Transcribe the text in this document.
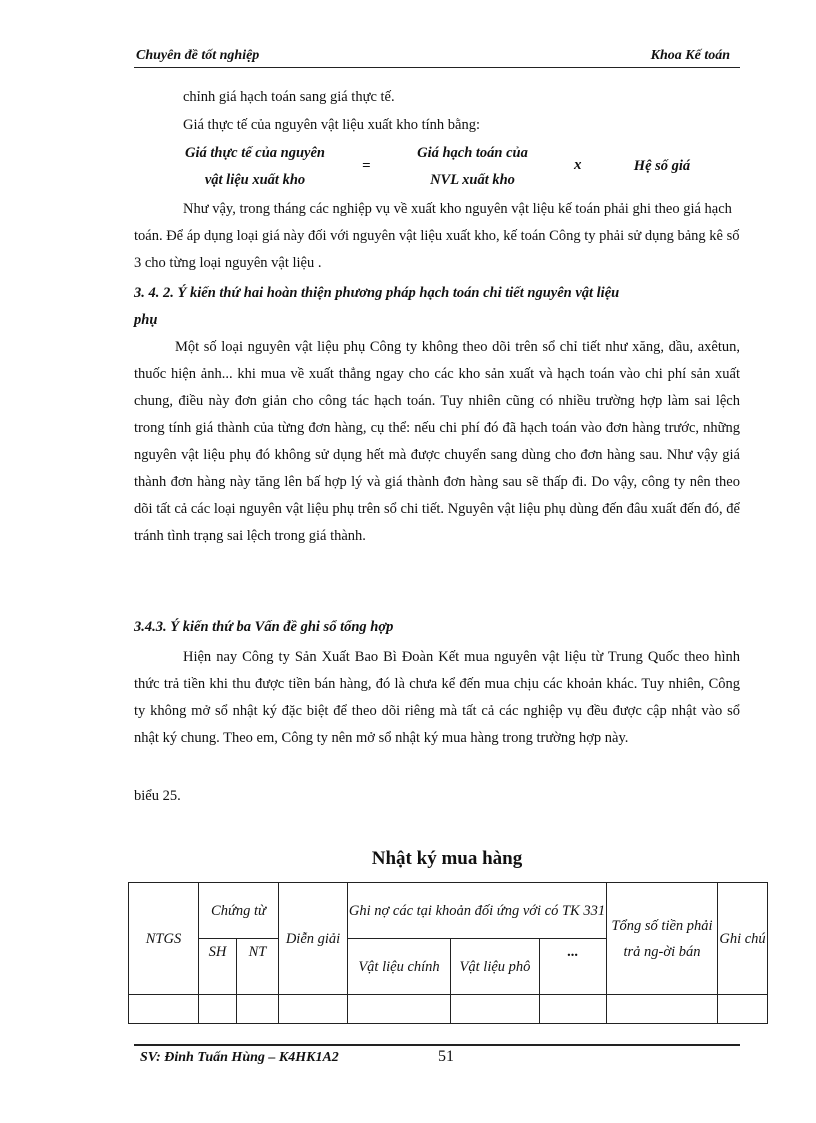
Chuyên đề tốt nghiệp	Khoa Kế toán

chỉnh giá hạch toán sang giá thực tế.

Giá thực tế của nguyên vật liệu xuất kho tính bằng:

Giá thực tế của nguyên
vật liệu xuất kho
=
Giá hạch toán của
NVL xuất kho
x	Hệ số giá

Như vậy, trong tháng các nghiệp vụ về xuất kho nguyên vật liệu kế toán phải ghi theo giá hạch toán. Để áp dụng loại giá này đối với nguyên vật liệu xuất kho, kế toán Công ty phải sử dụng bảng kê số 3 cho từng loại nguyên vật liệu .

3. 4. 2. Ý kiến thứ hai hoàn thiện phương pháp hạch toán chi tiết nguyên vật liệu
phụ

Một số loại nguyên vật liệu phụ Công ty không theo dõi trên sổ chỉ tiết như xăng, dầu, axêtun, thuốc hiện ảnh... khi mua về xuất thẳng ngay cho các kho sản xuất và hạch toán vào chi phí sản xuất chung, điều này đơn giản cho công tác hạch toán. Tuy nhiên cũng có nhiều trường hợp làm sai lệch trong tính giá thành của từng đơn hàng, cụ thể: nếu chi phí đó đã hạch toán vào đơn hàng trước, những nguyên vật liệu phụ đó không sử dụng hết mà được chuyển sang dùng cho đơn hàng sau. Như vậy giá thành đơn hàng này tăng lên bấ hợp lý và giá thành đơn hàng sau sẽ thấp đi. Do vậy, công ty nên theo dõi tất cả các loại nguyên vật liệu phụ trên sổ chi tiết. Nguyên vật liệu phụ dùng đến đâu xuất đến đó, để tránh tình trạng sai lệch trong giá thành.

3.4.3. Ý kiến thứ ba Vấn đề ghi sổ tổng hợp

Hiện nay Công ty Sản Xuất Bao Bì Đoàn Kết mua nguyên vật liệu từ Trung Quốc theo hình thức trả tiền khi thu được tiền bán hàng, đó là chưa kể đến mua chịu các khoản khác. Tuy nhiên, Công ty không mở sổ nhật ký đặc biệt để theo dõi riêng mà tất cả các nghiệp vụ đều được cập nhật vào sổ nhật ký chung. Theo em, Công ty nên mở sổ nhật ký mua hàng trong trường hợp này.

biểu 25.

Nhật ký mua hàng
NTGS	Chứng từ		Diễn giải	Ghi nợ các tại khoản đối ứng với có TK 331			Tổng số tiền phải trả ng-ời bán	Ghi chú
	SH	NT		Vật liệu chính	Vật liệu phô	...		

SV: Đinh Tuấn Hùng – K4HK1A2	51
